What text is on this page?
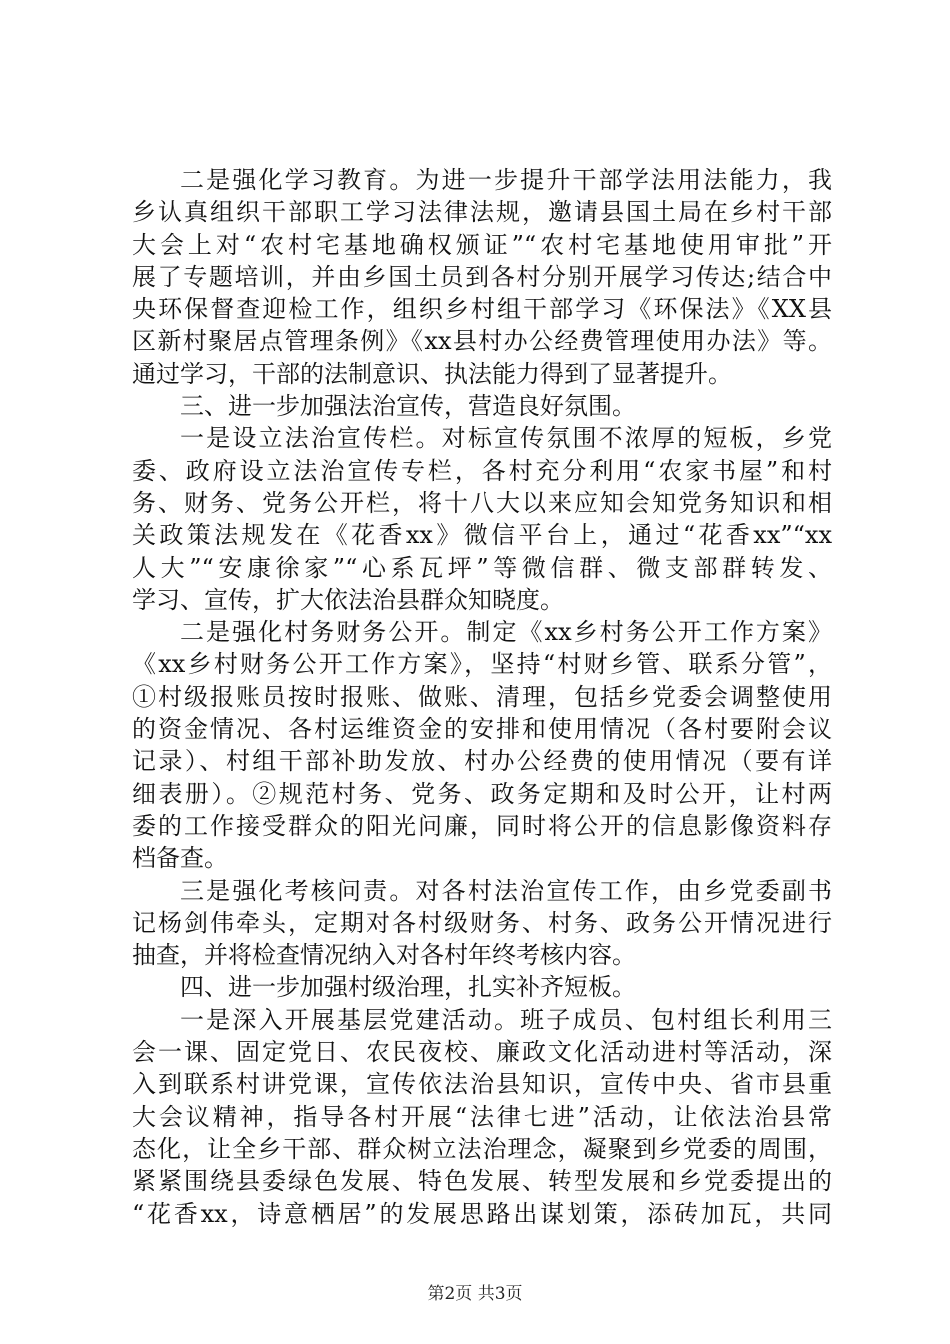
二是强化学习教育。为进一步提升干部学法用法能力，我
乡认真组织干部职工学习法律法规，邀请县国土局在乡村干部
大会上对“农村宅基地确权颁证”“农村宅基地使用审批”开
展了专题培训，并由乡国土员到各村分别开展学习传达;结合中
央环保督查迎检工作，组织乡村组干部学习《环保法》《XX县
区新村聚居点管理条例》《xx县村办公经费管理使用办法》等。
通过学习，干部的法制意识、执法能力得到了显著提升。
三、进一步加强法治宣传，营造良好氛围。
一是设立法治宣传栏。对标宣传氛围不浓厚的短板，乡党
委、政府设立法治宣传专栏，各村充分利用“农家书屋”和村
务、财务、党务公开栏，将十八大以来应知会知党务知识和相
关政策法规发在《花香xx》微信平台上，通过“花香xx”“xx
人大”“安康徐家”“心系瓦坪”等微信群、微支部群转发、
学习、宣传，扩大依法治县群众知晓度。
二是强化村务财务公开。制定《xx乡村务公开工作方案》
《xx乡村财务公开工作方案》，坚持“村财乡管、联系分管”，
①村级报账员按时报账、做账、清理，包括乡党委会调整使用
的资金情况、各村运维资金的安排和使用情况（各村要附会议
记录）、村组干部补助发放、村办公经费的使用情况（要有详
细表册）。②规范村务、党务、政务定期和及时公开，让村两
委的工作接受群众的阳光问廉，同时将公开的信息影像资料存
档备查。
三是强化考核问责。对各村法治宣传工作，由乡党委副书
记杨剑伟牵头，定期对各村级财务、村务、政务公开情况进行
抽查，并将检查情况纳入对各村年终考核内容。
四、进一步加强村级治理，扎实补齐短板。
一是深入开展基层党建活动。班子成员、包村组长利用三
会一课、固定党日、农民夜校、廉政文化活动进村等活动，深
入到联系村讲党课，宣传依法治县知识，宣传中央、省市县重
大会议精神，指导各村开展“法律七进”活动，让依法治县常
态化，让全乡干部、群众树立法治理念，凝聚到乡党委的周围，
紧紧围绕县委绿色发展、特色发展、转型发展和乡党委提出的
“花香xx，诗意栖居”的发展思路出谋划策，添砖加瓦，共同
第2页 共3页
